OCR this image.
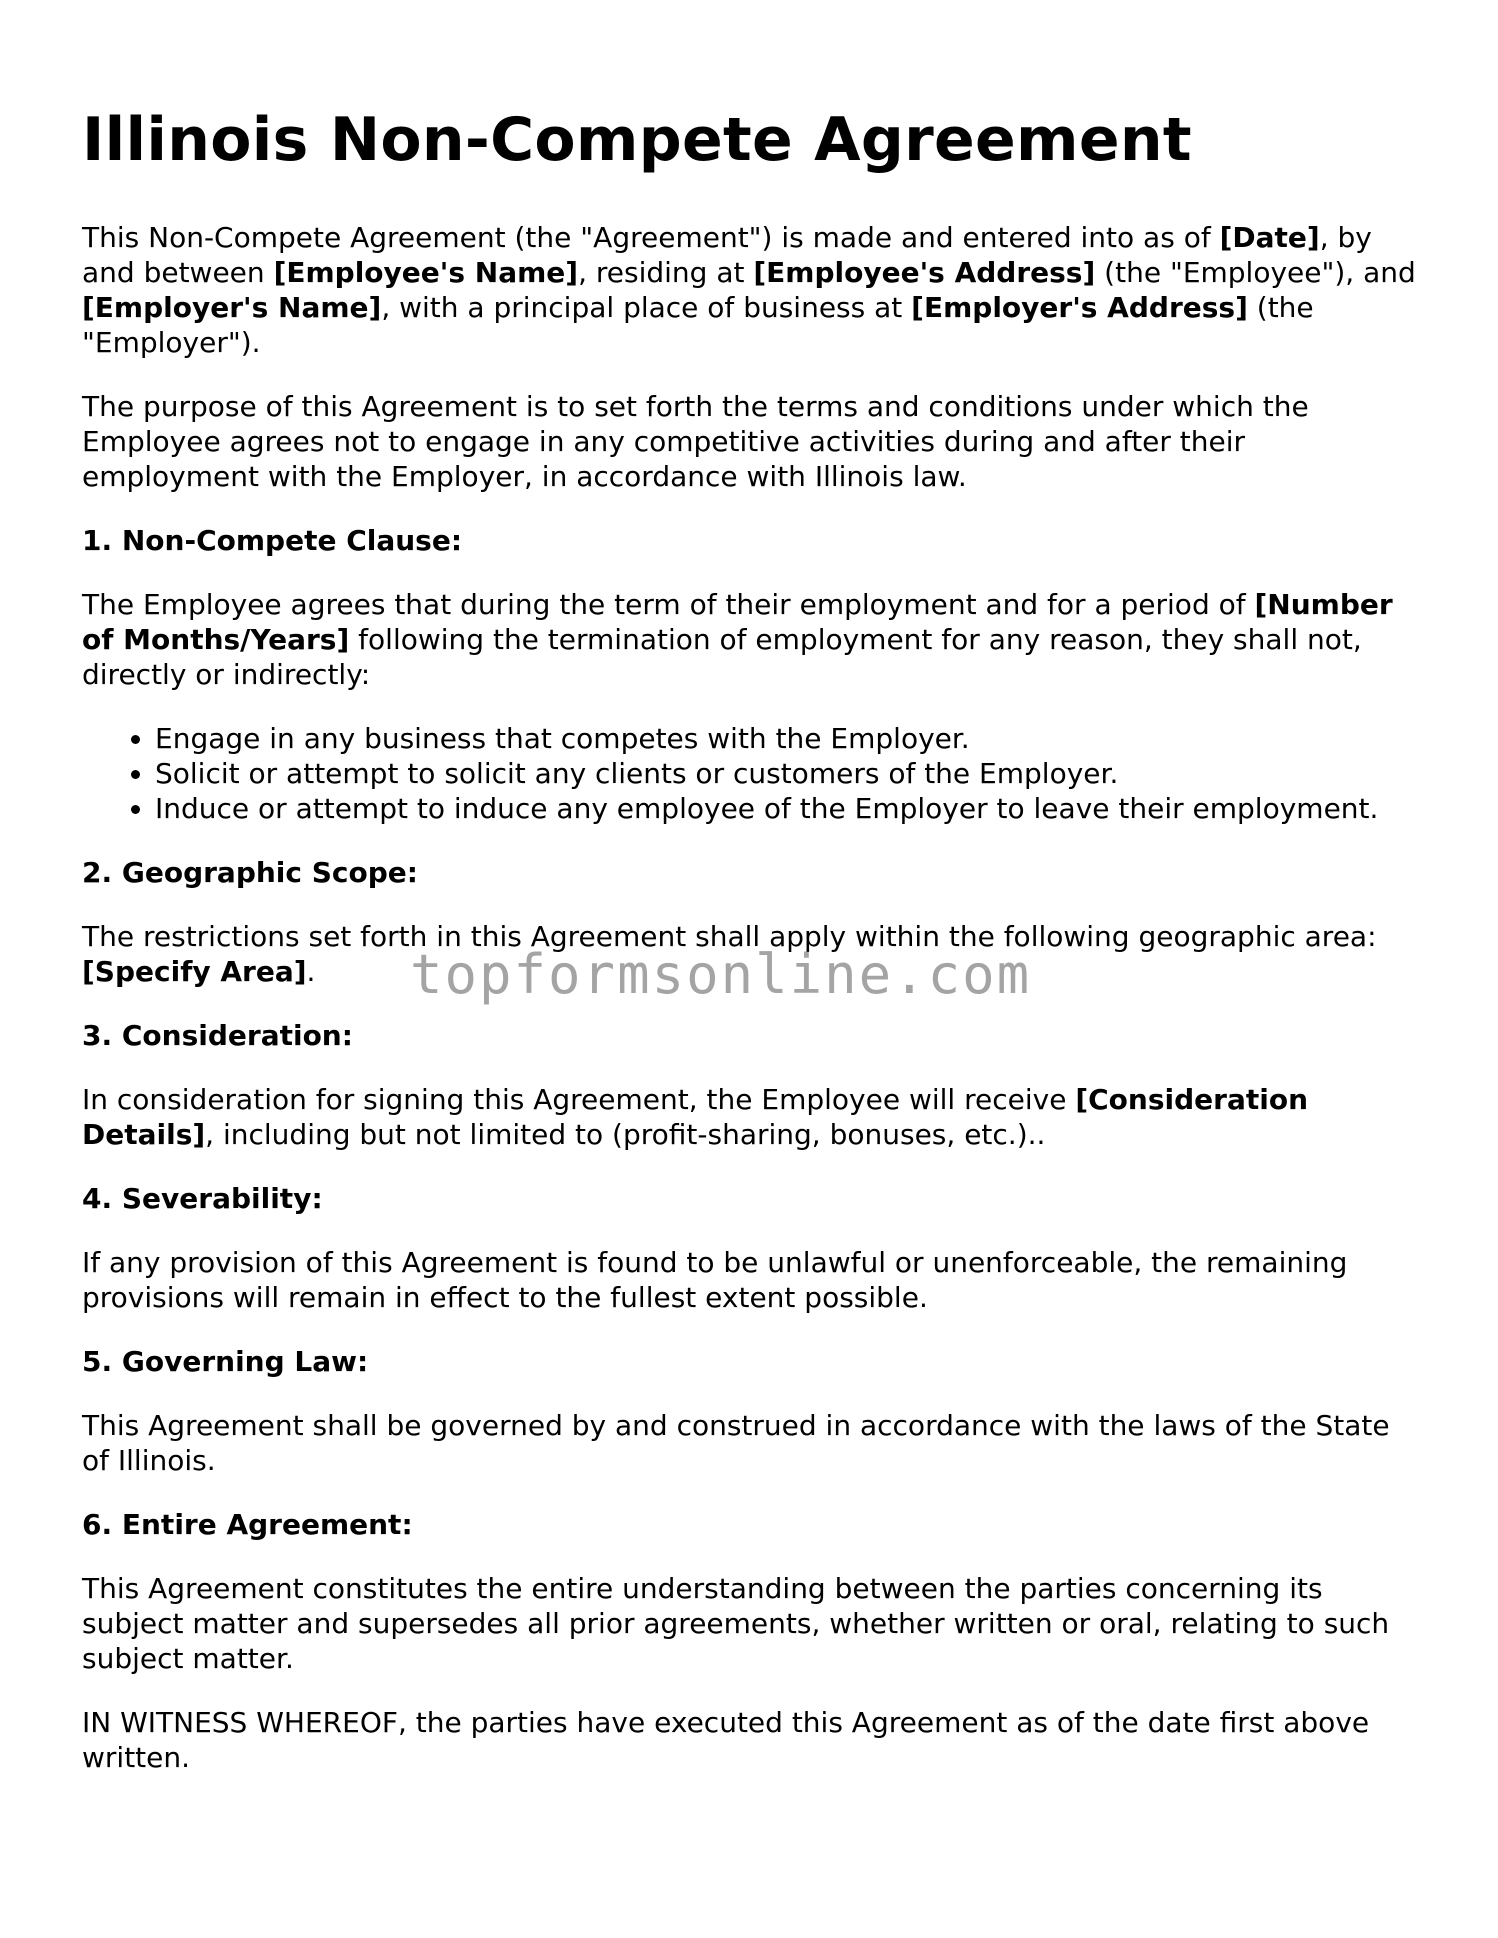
Illinois Non-Compete Agreement

This Non-Compete Agreement (the "Agreement") is made and entered into as of [Date], by and between [Employee's Name], residing at [Employee's Address] (the "Employee"), and [Employer's Name], with a principal place of business at [Employer's Address] (the "Employer").

The purpose of this Agreement is to set forth the terms and conditions under which the Employee agrees not to engage in any competitive activities during and after their employment with the Employer, in accordance with Illinois law.

1. Non-Compete Clause:

The Employee agrees that during the term of their employment and for a period of [Number of Months/Years] following the termination of employment for any reason, they shall not, directly or indirectly:

• Engage in any business that competes with the Employer.
• Solicit or attempt to solicit any clients or customers of the Employer.
• Induce or attempt to induce any employee of the Employer to leave their employment.
2. Geographic Scope:

The restrictions set forth in this Agreement shall apply within the following geographic area: [Specify Area].

3. Consideration:

In consideration for signing this Agreement, the Employee will receive [Consideration Details], including but not limited to (profit-sharing, bonuses, etc.)..

4. Severability:

If any provision of this Agreement is found to be unlawful or unenforceable, the remaining provisions will remain in effect to the fullest extent possible.

5. Governing Law:

This Agreement shall be governed by and construed in accordance with the laws of the State of Illinois.

6. Entire Agreement:

This Agreement constitutes the entire understanding between the parties concerning its subject matter and supersedes all prior agreements, whether written or oral, relating to such subject matter.

IN WITNESS WHEREOF, the parties have executed this Agreement as of the date first above written.

topformsonline.com
